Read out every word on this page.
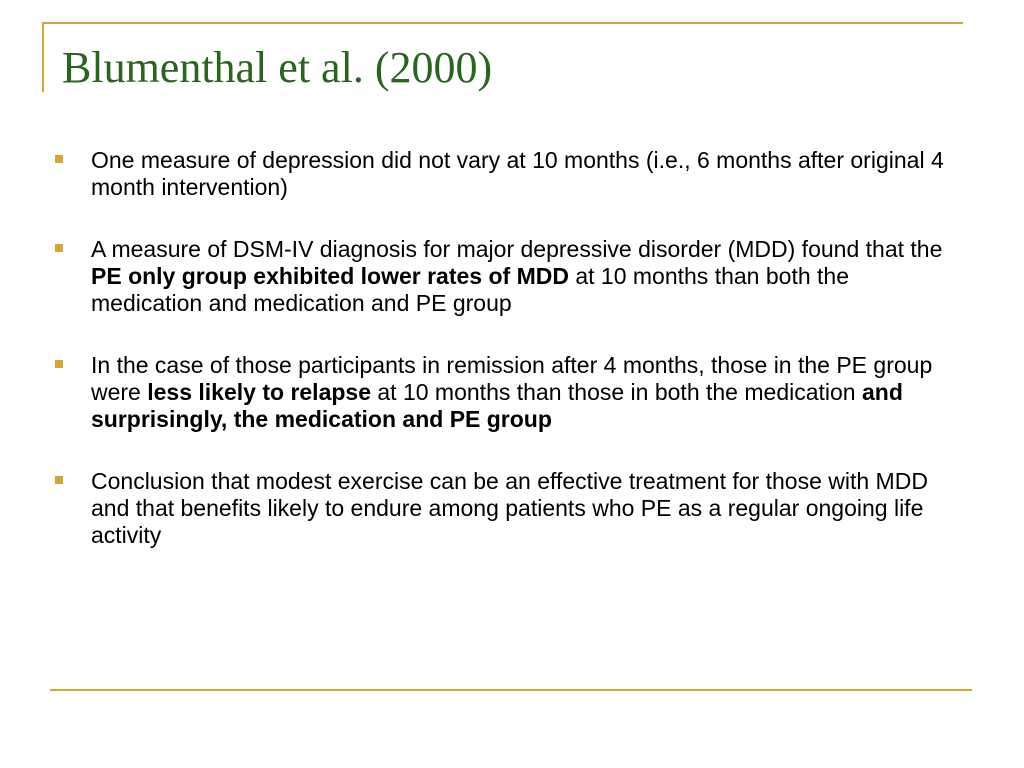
Blumenthal et al. (2000)
One measure of depression did not vary at 10 months (i.e., 6 months after original 4 month intervention)
A measure of DSM-IV diagnosis for major depressive disorder (MDD) found that the PE only group exhibited lower rates of MDD at 10 months than both the medication and medication and PE group
In the case of those participants in remission after 4 months, those in the PE group were less likely to relapse at 10 months than those in both the medication and surprisingly, the medication and PE group
Conclusion that modest exercise can be an effective treatment for those with MDD and that benefits likely to endure among patients who PE as a regular ongoing life activity
